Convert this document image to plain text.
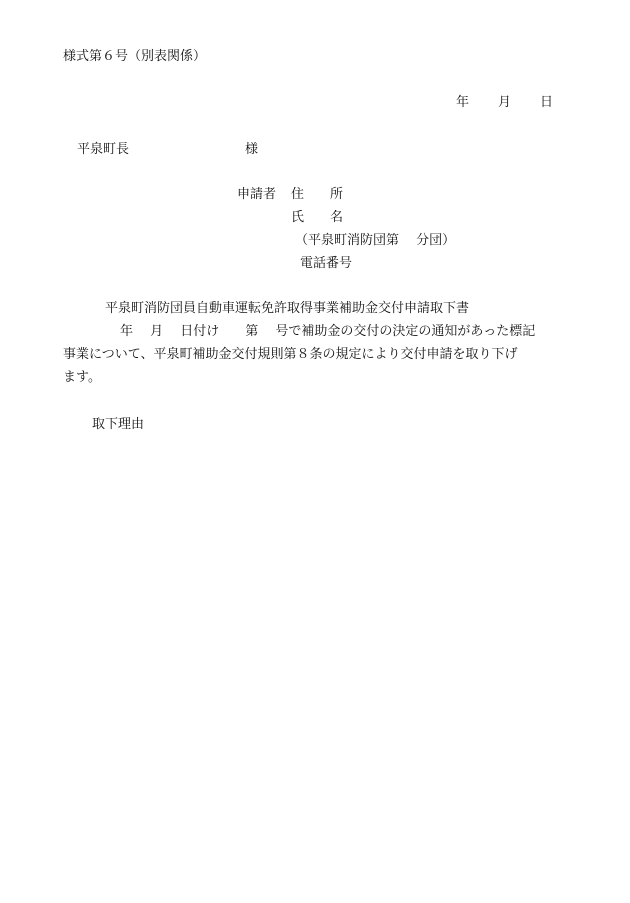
様式第６号（別表関係）
年 月 日
平泉町長	様
申請者 住　　所
氏　　名
（平泉町消防団第　 分団）
電話番号
平泉町消防団員自動車運転免許取得事業補助金交付申請取下書
年　 月　 日付け　　第　 号で補助金の交付の決定の通知があった標記
事業について、平泉町補助金交付規則第８条の規定により交付申請を取り下げ
ます。
取下理由
